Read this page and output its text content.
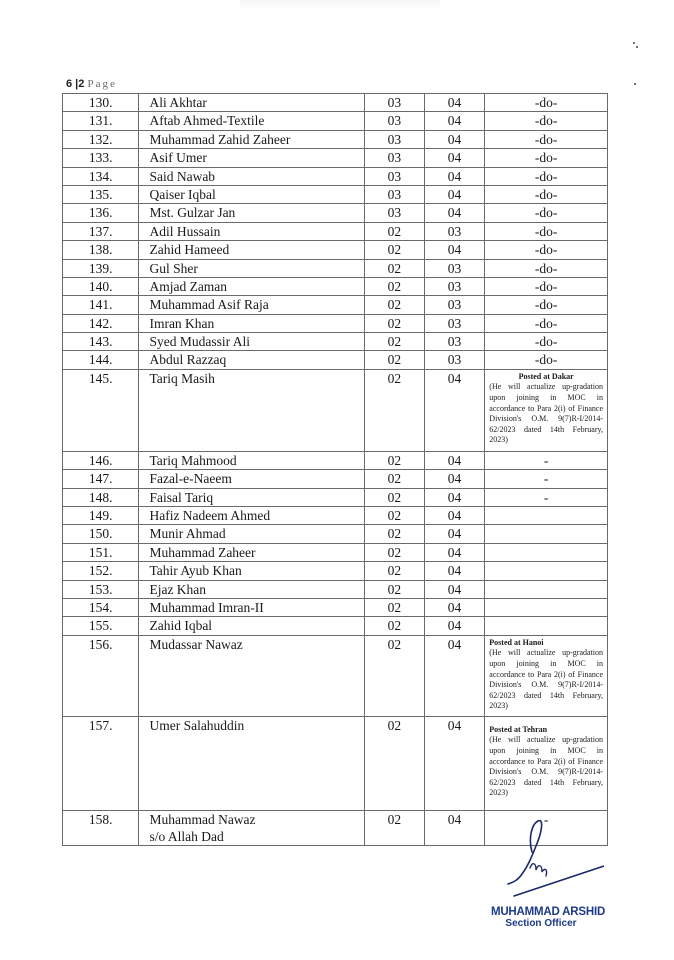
6 |2 Page
130.	Ali Akhtar	03	04	-do-
131.	Aftab Ahmed-Textile	03	04	-do-
132.	Muhammad Zahid Zaheer	03	04	-do-
133.	Asif Umer	03	04	-do-
134.	Said Nawab	03	04	-do-
135.	Qaiser Iqbal	03	04	-do-
136.	Mst. Gulzar Jan	03	04	-do-
137.	Adil Hussain	02	03	-do-
138.	Zahid Hameed	02	04	-do-
139.	Gul Sher	02	03	-do-
140.	Amjad Zaman	02	03	-do-
141.	Muhammad Asif Raja	02	03	-do-
142.	Imran Khan	02	03	-do-
143.	Syed Mudassir Ali	02	03	-do-
144.	Abdul Razzaq	02	03	-do-
145.	Tariq Masih	02	04	Posted at Dakar
(He will actualize up-gradation upon joining in MOC in accordance to Para 2(i) of Finance Division's O.M. 9(7)R-I/2014-62/2023 dated 14th February, 2023)

146.	Tariq Mahmood	02	04	-
147.	Fazal-e-Naeem	02	04	-
148.	Faisal Tariq	02	04	-
149.	Hafiz Nadeem Ahmed	02	04	
150.	Munir Ahmad	02	04	
151.	Muhammad Zaheer	02	04	
152.	Tahir Ayub Khan	02	04	
153.	Ejaz Khan	02	04	
154.	Muhammad Imran-II	02	04	
155.	Zahid Iqbal	02	04	
156.	Mudassar Nawaz	02	04	Posted at Hanoi
(He will actualize up-gradation upon joining in MOC in accordance to Para 2(i) of Finance Division's O.M. 9(7)R-I/2014-62/2023 dated 14th February, 2023)

157.	Umer Salahuddin	02	04	Posted at Tehran
(He will actualize up-gradation upon joining in MOC in accordance to Para 2(i) of Finance Division's O.M. 9(7)R-I/2014-62/2023 dated 14th February, 2023)

158.	Muhammad Nawaz
s/o Allah Dad	02	04	-
MUHAMMAD ARSHID
Section Officer
